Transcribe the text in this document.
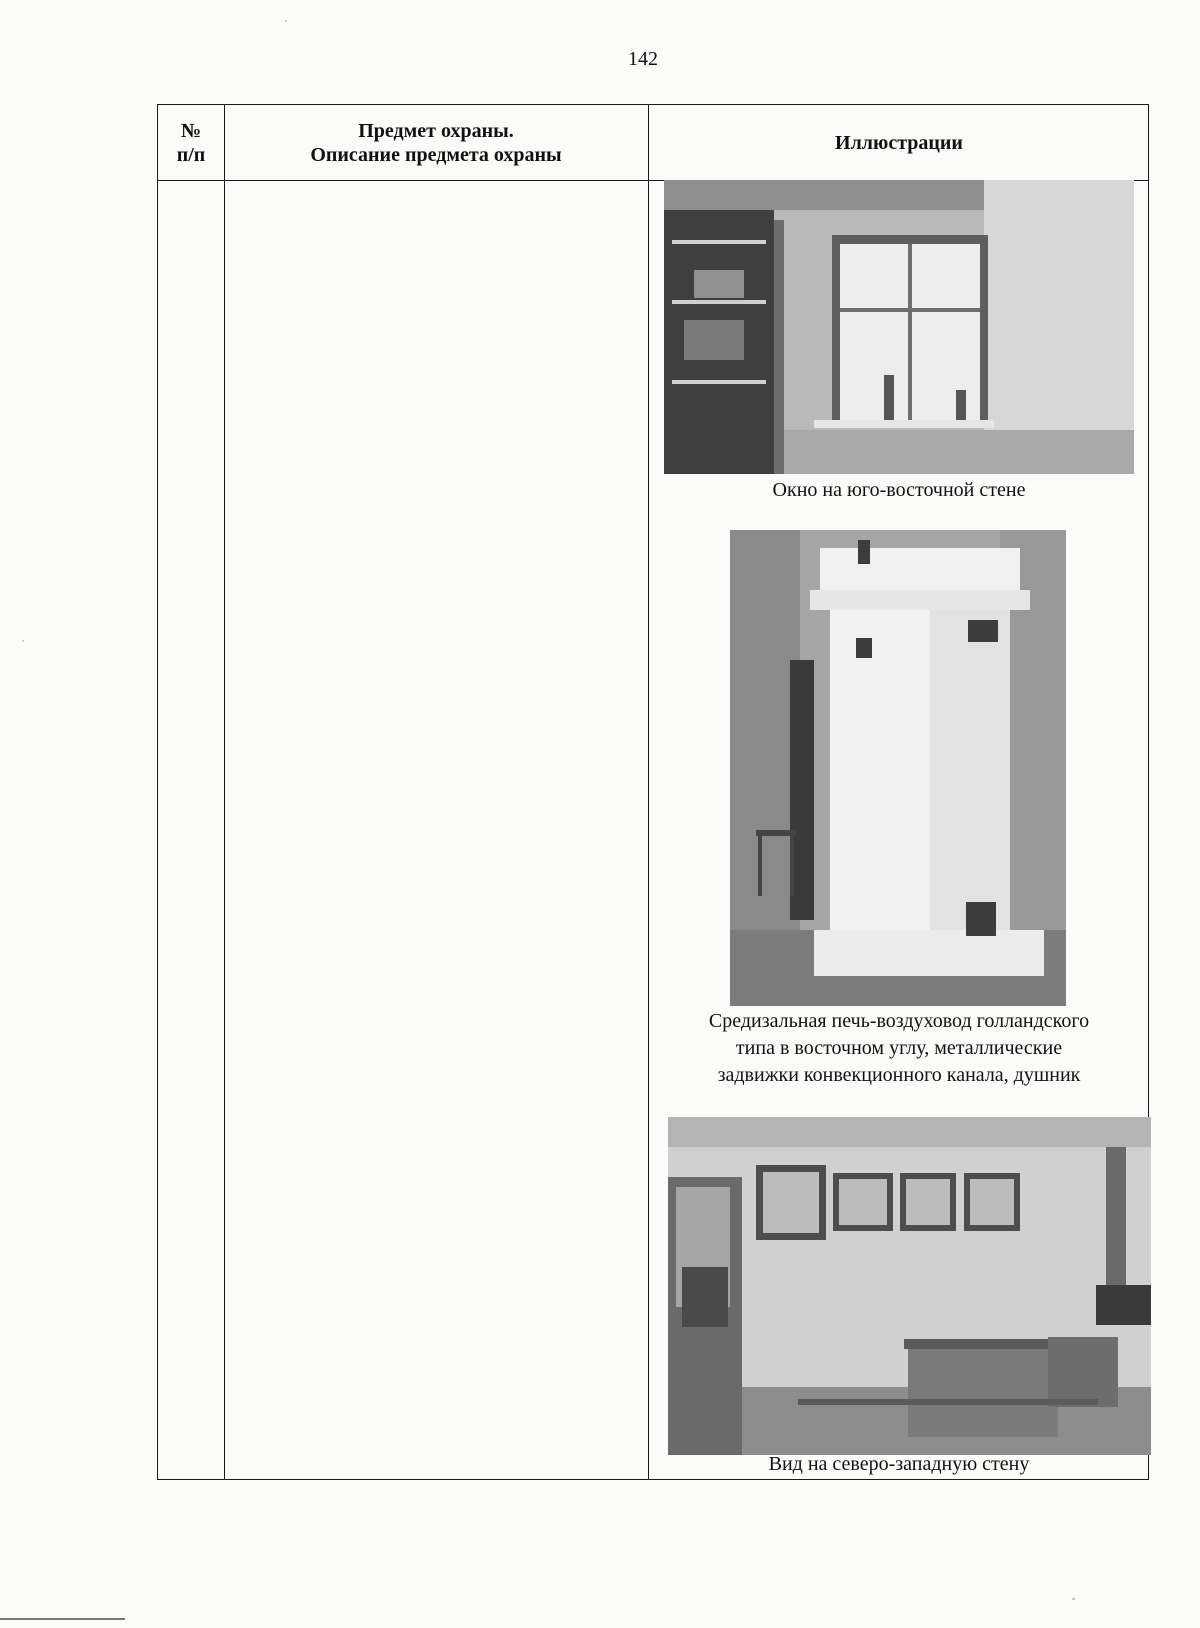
142
№
п/п
Предмет охраны.
Описание предмета охраны
Иллюстрации
Окно на юго-восточной стене
Средизальная печь-воздуховод голландского
типа в восточном углу, металлические
задвижки конвекционного канала, душник
Вид на северо-западную стену
